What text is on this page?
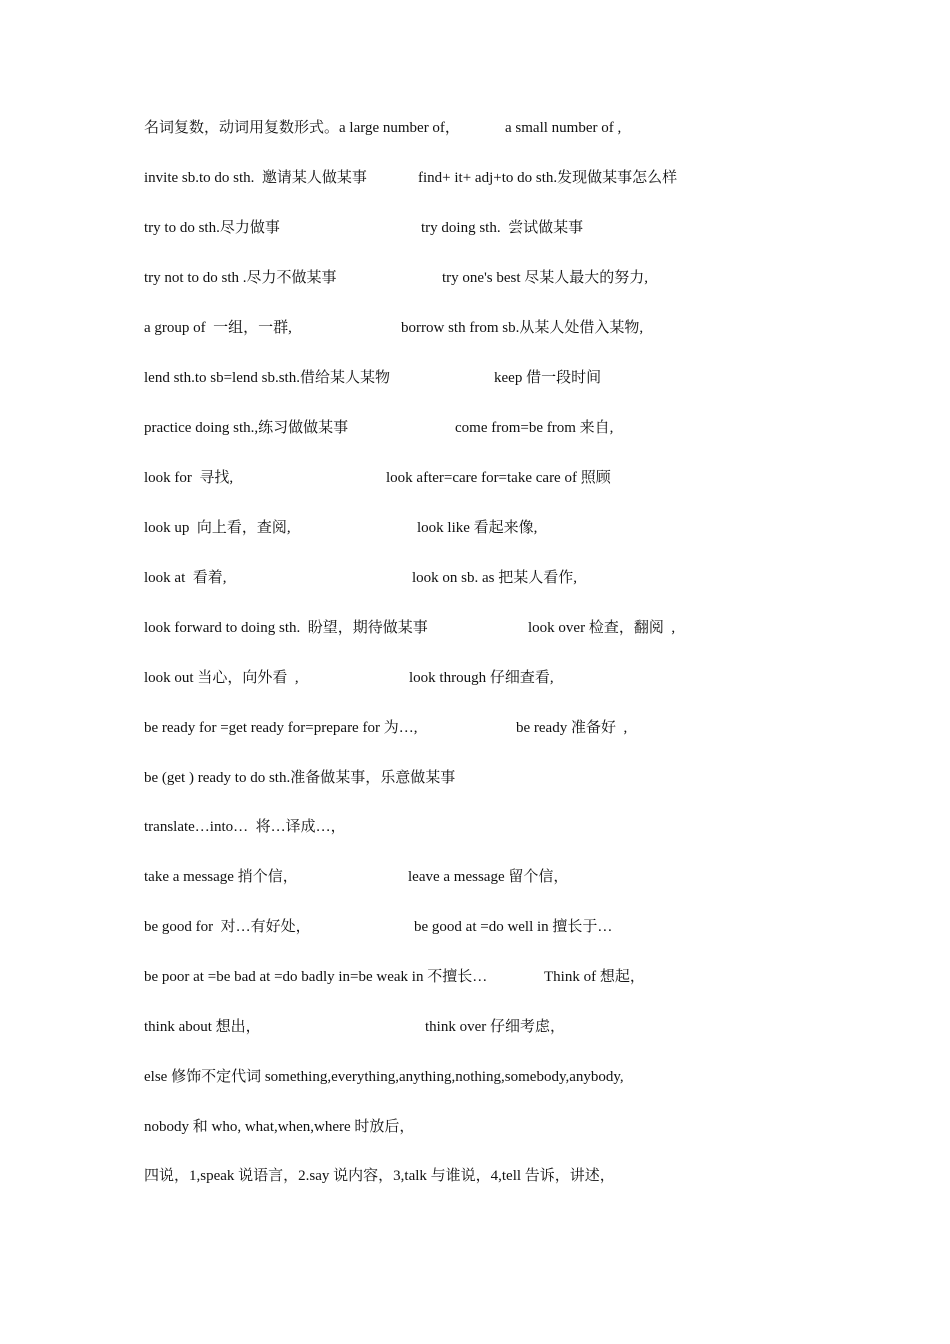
名词复数，动词用复数形式。a large number of，

	a small number of ,

invite sb.to do sth.  邀请某人做某事

	find+ it+ adj+to do sth.发现做某事怎么样

try to do sth.尽力做事

	try doing sth.  尝试做某事

try not to do sth .尽力不做某事

	try one's best 尽某人最大的努力,

a group of  一组，一群,

	borrow sth from sb.从某人处借入某物,

lend sth.to sb=lend sb.sth.借给某人某物

	keep 借一段时间

practice doing sth.,练习做做某事

	come from=be from 来自,

look for  寻找,

	look after=care for=take care of 照顾

look up  向上看，查阅,

	look like 看起来像,

look at  看着,

	look on sb. as 把某人看作,

look forward to doing sth.  盼望，期待做某事

	look over 检查，翻阅  ,

look out 当心，向外看  ,

	look through 仔细查看,

be ready for =get ready for=prepare for 为…,

	be ready 准备好  ,

be (get ) ready to do sth.准备做某事，乐意做某事

translate…into…  将…译成…，

take a message 捎个信，

	leave a message 留个信，

be good for  对…有好处，

	be good at =do well in 擅长于…

be poor at =be bad at =do badly in=be weak in 不擅长…

	Think of 想起，

think about 想出，

	think over 仔细考虑，

else 修饰不定代词 something,everything,anything,nothing,somebody,anybody,

nobody 和 who, what,when,where 时放后，

四说，1,speak 说语言，2.say 说内容，3,talk 与谁说，4,tell 告诉，讲述，
